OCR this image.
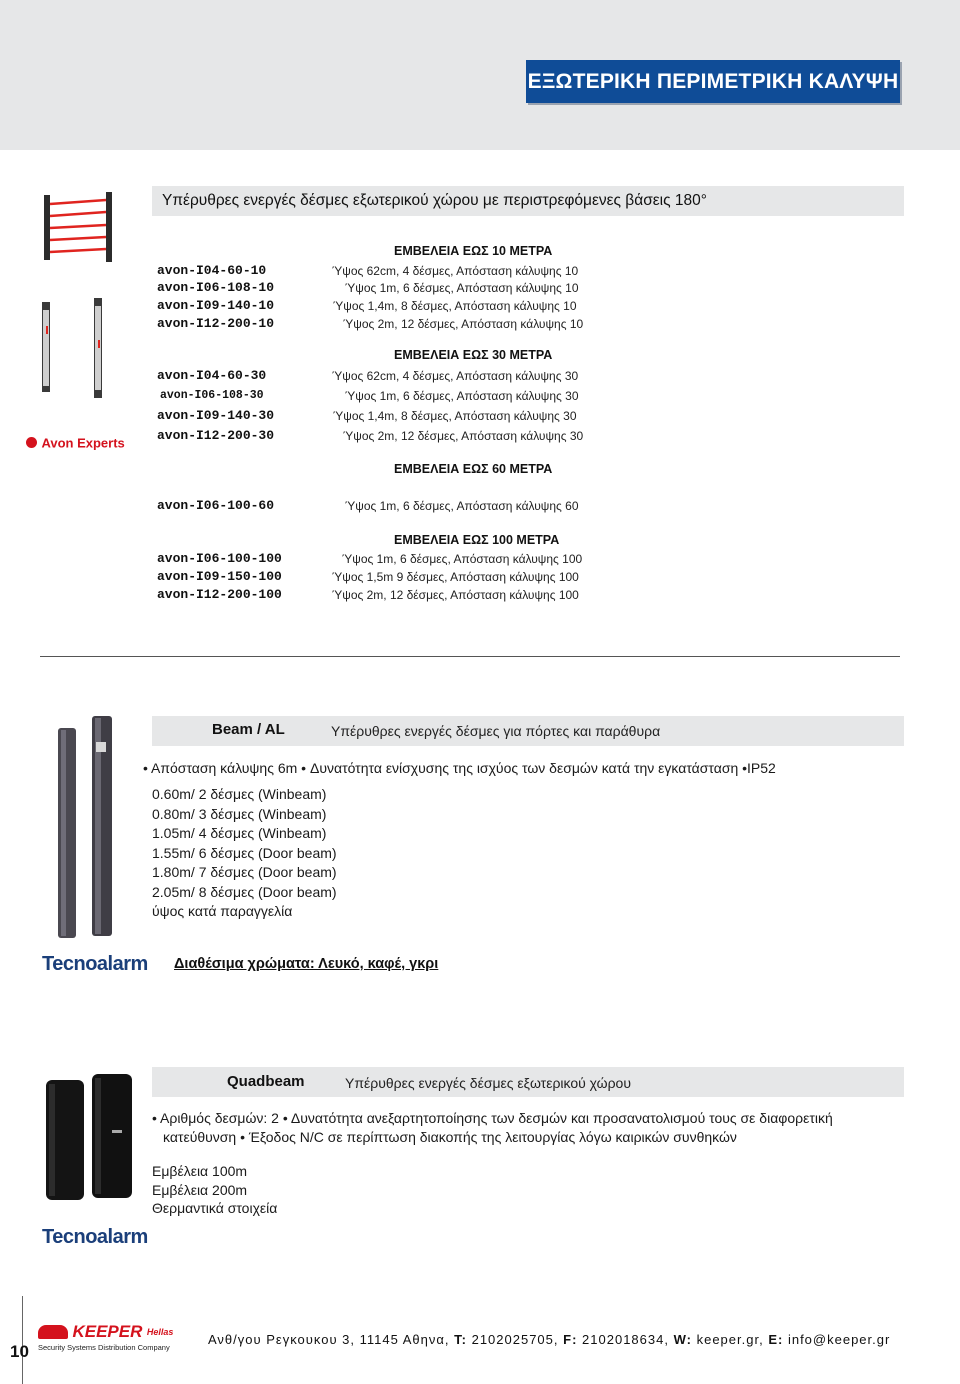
ΕΞΩΤΕΡΙΚΗ ΠΕΡΙΜΕΤΡΙΚΗ ΚΑΛΥΨΗ
Υπέρυθρες ενεργές δέσμες εξωτερικού χώρου με περιστρεφόμενες βάσεις 180°
Avon Experts
ΕΜΒΕΛΕΙΑ ΕΩΣ 10 ΜΕΤΡΑ
avon-I04-60-10	Ύψος 62cm, 4 δέσμες, Απόσταση κάλυψης 10
avon-I06-108-10	Ύψος 1m, 6 δέσμες, Απόσταση κάλυψης 10
avon-I09-140-10	Ύψος 1,4m, 8 δέσμες, Απόσταση κάλυψης 10
avon-I12-200-10	Ύψος 2m, 12 δέσμες, Απόσταση κάλυψης 10
ΕΜΒΕΛΕΙΑ ΕΩΣ 30 ΜΕΤΡΑ
avon-I04-60-30	Ύψος 62cm, 4 δέσμες, Απόσταση κάλυψης 30
avon-I06-108-30	Ύψος 1m, 6 δέσμες, Απόσταση κάλυψης 30
avon-I09-140-30	Ύψος 1,4m, 8 δέσμες, Απόσταση κάλυψης 30
avon-I12-200-30	Ύψος 2m, 12 δέσμες, Απόσταση κάλυψης 30
ΕΜΒΕΛΕΙΑ ΕΩΣ 60 ΜΕΤΡΑ
avon-I06-100-60	Ύψος 1m, 6 δέσμες, Απόσταση κάλυψης 60
ΕΜΒΕΛΕΙΑ ΕΩΣ 100 ΜΕΤΡΑ
avon-I06-100-100	Ύψος 1m, 6 δέσμες, Απόσταση κάλυψης 100
avon-I09-150-100	Ύψος 1,5m 9 δέσμες, Απόσταση κάλυψης 100
avon-I12-200-100	Ύψος 2m, 12 δέσμες, Απόσταση κάλυψης 100
Beam / AL	Υπέρυθρες ενεργές δέσμες για πόρτες και παράθυρα
• Απόσταση κάλυψης 6m • Δυνατότητα ενίσχυσης της ισχύος των δεσμών κατά την εγκατάσταση •IP52
0.60m/ 2 δέσμες (Winbeam)
0.80m/ 3 δέσμες (Winbeam)
1.05m/ 4 δέσμες (Winbeam)
1.55m/ 6 δέσμες (Door beam)
1.80m/ 7 δέσμες (Door beam)
2.05m/ 8 δέσμες (Door beam)
ύψος κατά παραγγελία
Tecnoalarm Διαθέσιμα χρώματα: Λευκό, καφέ, γκρι
Quadbeam	Υπέρυθρες ενεργές δέσμες εξωτερικού χώρου
• Αριθμός δεσμών: 2 • Δυνατότητα ανεξαρτητοποίησης των δεσμών και προσανατολισμού τους σε διαφορετική
κατεύθυνση • Έξοδος N/C σε περίπτωση διακοπής της λειτουργίας λόγω καιρικών συνθηκών
Εμβέλεια 100m
Εμβέλεια 200m
Θερμαντικά στοιχεία
Tecnoalarm
10
KEEPER Hellas
Security Systems Distribution Company
Ανθ/γου Ρεγκουκου 3, 11145 Αθηνα, T: 2102025705, F: 2102018634, W: keeper.gr, E: info@keeper.gr
